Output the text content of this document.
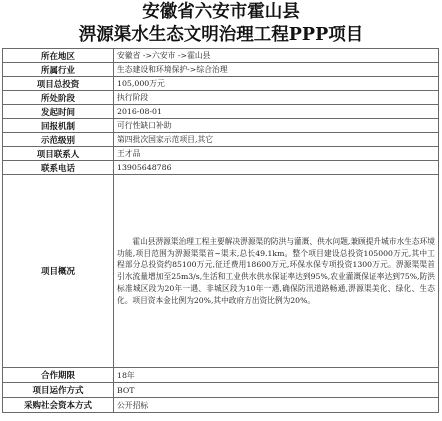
安徽省六安市霍山县
淠源渠水生态文明治理工程PPP项目
所在地区	安徽省 ->六安市 ->霍山县
所属行业	生态建设和环境保护->综合治理
项目总投资	105,000万元
所处阶段	执行阶段
发起时间	2016-08-01
回报机制	可行性缺口补助
示范级别	第四批次国家示范项目,其它
项目联系人	王才品
联系电话	13905648786
项目概况	霍山县淠源渠治理工程主要解决淠源渠的防洪与灌溉、供水问题,兼顾提升城市水生态环境功能,项目范围为淠源渠渠首~渠末,总长49.1km。整个项目建设总投资105000万元,其中工程部分总投资约85100万元,征迁费用18600万元,环保水保专项投资1300万元。淠源渠渠首引水流量增加至25m3/s,生活和工业供水供水保证率达到95%,农业灌溉保证率达到75%,防洪标准城区段为20年一遇、非城区段为10年一遇,确保防汛道路畅通,淠源渠美化、绿化、生态化。项目资本金比例为20%,其中政府方出资比例为20%。
合作期限	18年
项目运作方式	BOT
采购社会资本方式	公开招标
